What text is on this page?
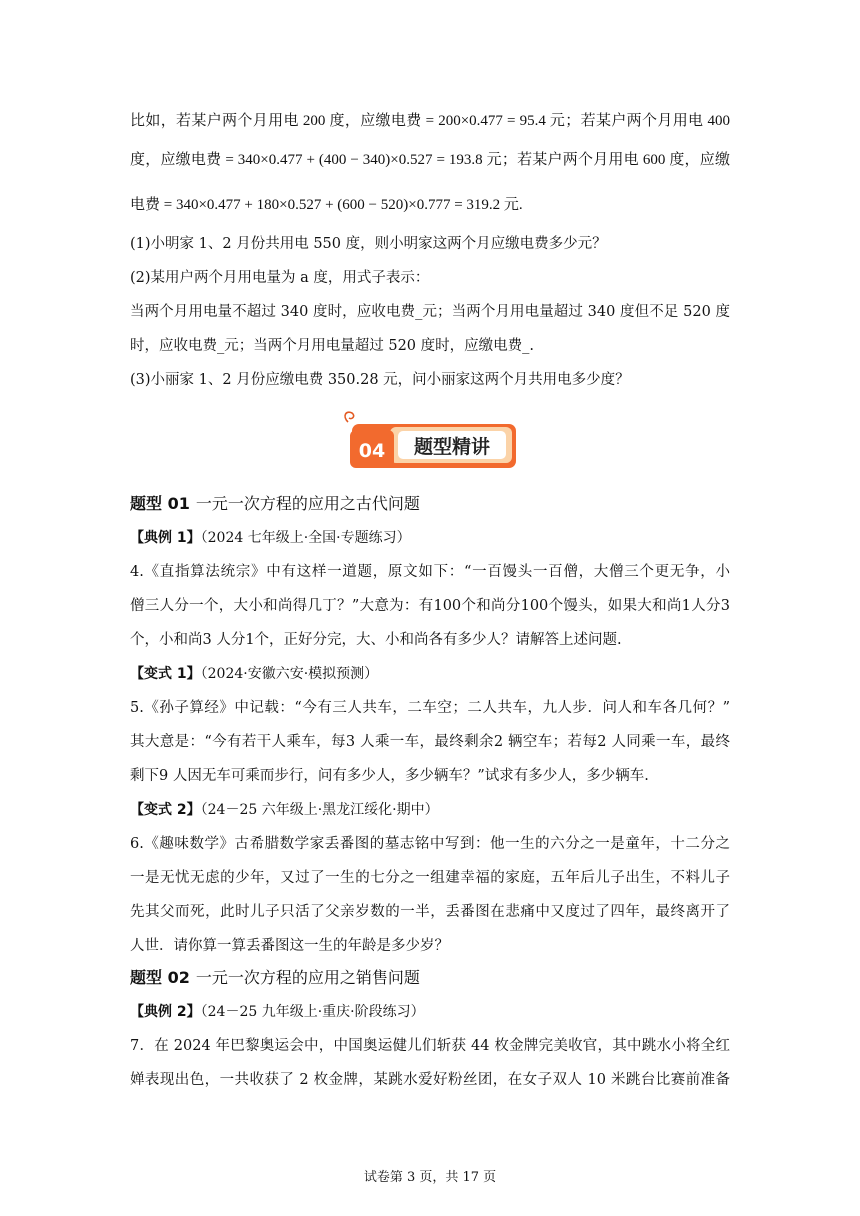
比如，若某户两个月用电 200 度，应缴电费 = 200×0.477 = 95.4 元；若某户两个月用电 400
度，应缴电费 = 340×0.477 + (400 − 340)×0.527 = 193.8 元；若某户两个月用电 600 度，应缴
电费 = 340×0.477 + 180×0.527 + (600 − 520)×0.777 = 319.2 元.
(1)小明家 1、2 月份共用电 550 度，则小明家这两个月应缴电费多少元？
(2)某用户两个月用电量为 a 度，用式子表示：
当两个月用电量不超过 340 度时，应收电费_元；当两个月用电量超过 340 度但不足 520 度
时，应收电费_元；当两个月用电量超过 520 度时，应缴电费_.
(3)小丽家 1、2 月份应缴电费 350.28 元，问小丽家这两个月共用电多少度？
题型 01 一元一次方程的应用之古代问题
【典例 1】（2024 七年级上·全国·专题练习）
4.《直指算法统宗》中有这样一道题，原文如下：“一百馒头一百僧，大僧三个更无争，小
僧三人分一个，大小和尚得几丁？”大意为：有100个和尚分100个馒头，如果大和尚1人分3
个，小和尚3 人分1个，正好分完，大、小和尚各有多少人？请解答上述问题.
【变式 1】（2024·安徽六安·模拟预测）
5.《孙子算经》中记载：“今有三人共车，二车空；二人共车，九人步．问人和车各几何？”
其大意是：“今有若干人乘车，每3 人乘一车，最终剩余2 辆空车；若每2 人同乘一车，最终
剩下9 人因无车可乘而步行，问有多少人，多少辆车？”试求有多少人，多少辆车.
【变式 2】（24－25 六年级上·黑龙江绥化·期中）
6.《趣味数学》古希腊数学家丢番图的墓志铭中写到：他一生的六分之一是童年，十二分之
一是无忧无虑的少年，又过了一生的七分之一组建幸福的家庭，五年后儿子出生，不料儿子
先其父而死，此时儿子只活了父亲岁数的一半，丢番图在悲痛中又度过了四年，最终离开了
人世．请你算一算丢番图这一生的年龄是多少岁？
题型 02 一元一次方程的应用之销售问题
【典例 2】（24－25 九年级上·重庆·阶段练习）
7．在 2024 年巴黎奥运会中，中国奥运健儿们斩获 44 枚金牌完美收官，其中跳水小将全红
婵表现出色，一共收获了 2 枚金牌，某跳水爱好粉丝团，在女子双人 10 米跳台比赛前准备
04 题型精讲
试卷第 3 页，共 17 页
